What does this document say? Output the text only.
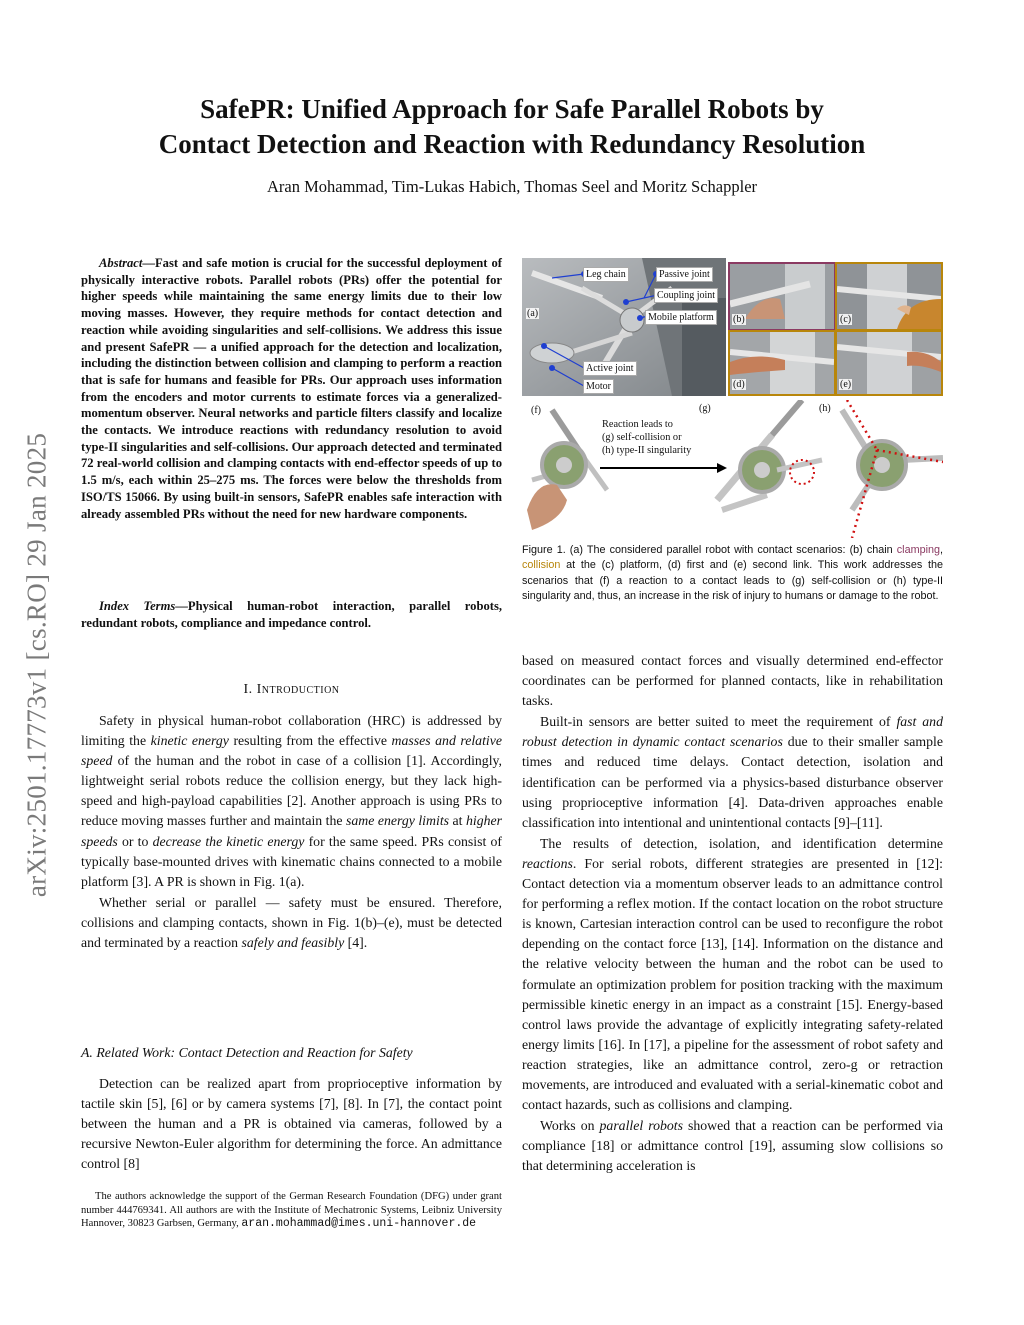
SafePR: Unified Approach for Safe Parallel Robots by
Contact Detection and Reaction with Redundancy Resolution
Aran Mohammad, Tim-Lukas Habich, Thomas Seel and Moritz Schappler
arXiv:2501.17773v1 [cs.RO] 29 Jan 2025

Abstract—Fast and safe motion is crucial for the successful deployment of physically interactive robots. Parallel robots (PRs) offer the potential for higher speeds while maintaining the same energy limits due to their low moving masses. However, they require methods for contact detection and reaction while avoiding singularities and self-collisions. We address this issue and present SafePR — a unified approach for the detection and localization, including the distinction between collision and clamping to perform a reaction that is safe for humans and feasible for PRs. Our approach uses information from the encoders and motor currents to estimate forces via a generalized-momentum observer. Neural networks and particle filters classify and localize the contacts. We introduce reactions with redundancy resolution to avoid type-II singularities and self-collisions. Our approach detected and terminated 72 real-world collision and clamping contacts with end-effector speeds of up to 1.5 m/s, each within 25–275 ms. The forces were below the thresholds from ISO/TS 15066. By using built-in sensors, SafePR enables safe interaction with already assembled PRs without the need for new hardware components.

Index Terms—Physical human-robot interaction, parallel robots, redundant robots, compliance and impedance control.

I. Introduction

Safety in physical human-robot collaboration (HRC) is addressed by limiting the kinetic energy resulting from the effective masses and relative speed of the human and the robot in case of a collision [1]. Accordingly, lightweight serial robots reduce the collision energy, but they lack high-speed and high-payload capabilities [2]. Another approach is using PRs to reduce moving masses further and maintain the same energy limits at higher speeds or to decrease the kinetic energy for the same speed. PRs consist of typically base-mounted drives with kinematic chains connected to a mobile platform [3]. A PR is shown in Fig. 1(a).

Whether serial or parallel — safety must be ensured. Therefore, collisions and clamping contacts, shown in Fig. 1(b)–(e), must be detected and terminated by a reaction safely and feasibly [4].

A. Related Work: Contact Detection and Reaction for Safety

Detection can be realized apart from proprioceptive information by tactile skin [5], [6] or by camera systems [7], [8]. In [7], the contact point between the human and a PR is obtained via cameras, followed by a recursive Newton-Euler algorithm for determining the force. An admittance control [8]

The authors acknowledge the support of the German Research Foundation (DFG) under grant number 444769341. All authors are with the Institute of Mechatronic Systems, Leibniz University Hannover, 30823 Garbsen, Germany, aran.mohammad@imes.uni-hannover.de

(a)
Leg chain	Passive joint
Coupling joint
Mobile platform
Active joint
Motor
(b)	(c)
(d)	(e)
(f)	(g)	(h)
Reaction leads to
(g) self-collision or
(h) type-II singularity
Figure 1. (a) The considered parallel robot with contact scenarios: (b) chain clamping, collision at the (c) platform, (d) first and (e) second link. This work addresses the scenarios that (f) a reaction to a contact leads to (g) self-collision or (h) type-II singularity and, thus, an increase in the risk of injury to humans or damage to the robot.

based on measured contact forces and visually determined end-effector coordinates can be performed for planned contacts, like in rehabilitation tasks.

Built-in sensors are better suited to meet the requirement of fast and robust detection in dynamic contact scenarios due to their smaller sample times and reduced time delays. Contact detection, isolation and identification can be performed via a physics-based disturbance observer using proprioceptive information [4]. Data-driven approaches enable classification into intentional and unintentional contacts [9]–[11].

The results of detection, isolation, and identification determine reactions. For serial robots, different strategies are presented in [12]: Contact detection via a momentum observer leads to an admittance control for performing a reflex motion. If the contact location on the robot structure is known, Cartesian interaction control can be used to reconfigure the robot depending on the contact force [13], [14]. Information on the distance and the relative velocity between the human and the robot can be used to formulate an optimization problem for position tracking with the maximum permissible kinetic energy in an impact as a constraint [15]. Energy-based control laws provide the advantage of explicitly integrating safety-related energy limits [16]. In [17], a pipeline for the assessment of robot safety and reaction strategies, like an admittance control, zero-g or retraction movements, are introduced and evaluated with a serial-kinematic cobot and contact hazards, such as collisions and clamping.

Works on parallel robots showed that a reaction can be performed via compliance [18] or admittance control [19], assuming slow collisions so that determining acceleration is
